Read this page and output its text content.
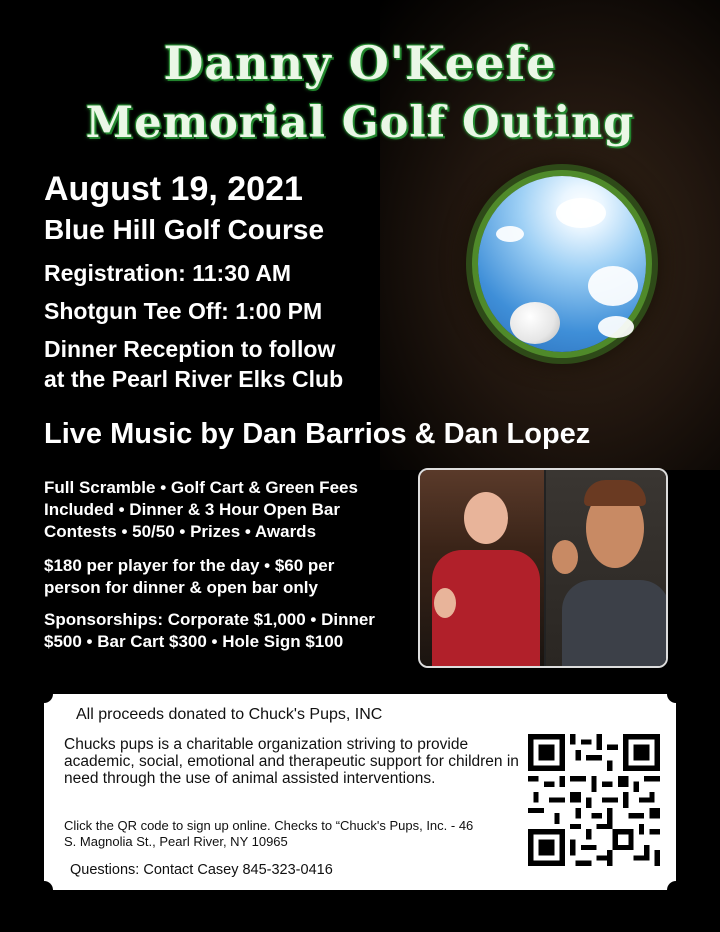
Danny O'Keefe
Memorial Golf Outing
August 19, 2021
Blue Hill Golf Course
Registration: 11:30 AM
Shotgun Tee Off: 1:00 PM
Dinner Reception to follow
at the Pearl River Elks Club
Live Music by Dan Barrios & Dan Lopez
Full Scramble • Golf Cart & Green Fees
Included • Dinner & 3 Hour Open Bar
Contests • 50/50 • Prizes • Awards
$180 per player for the day • $60 per
person for dinner & open bar only
Sponsorships: Corporate $1,000 • Dinner
$500 • Bar Cart $300 • Hole Sign $100
All proceeds donated to Chuck's Pups, INC
Chucks pups is a charitable organization striving to provide academic, social, emotional and therapeutic support for children in need through the use of animal assisted interventions.
Click the QR code to sign up online. Checks to “Chuck's Pups, Inc. - 46 S. Magnolia St., Pearl River, NY 10965
Questions: Contact Casey 845-323-0416
